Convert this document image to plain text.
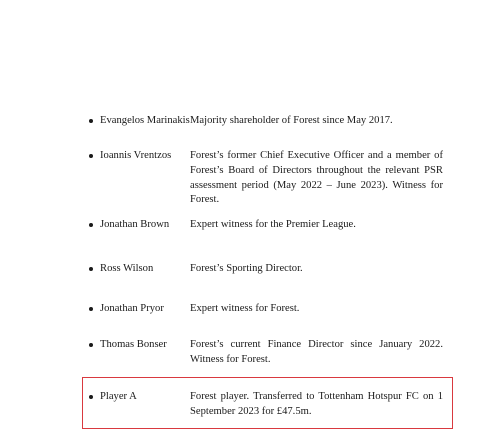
Evangelos Marinakis Majority shareholder of Forest since May 2017.
Ioannis Vrentzos Forest’s former Chief Executive Officer and a member of Forest’s Board of Directors throughout the relevant PSR assessment period (May 2022 – June 2023). Witness for Forest.
Jonathan Brown Expert witness for the Premier League.
Ross Wilson	Forest’s Sporting Director.
Jonathan Pryor Expert witness for Forest.
Thomas Bonser Forest’s current Finance Director since January 2022. Witness for Forest.
Player A	Forest player. Transferred to Tottenham Hotspur FC on 1 September 2023 for £47.5m.
